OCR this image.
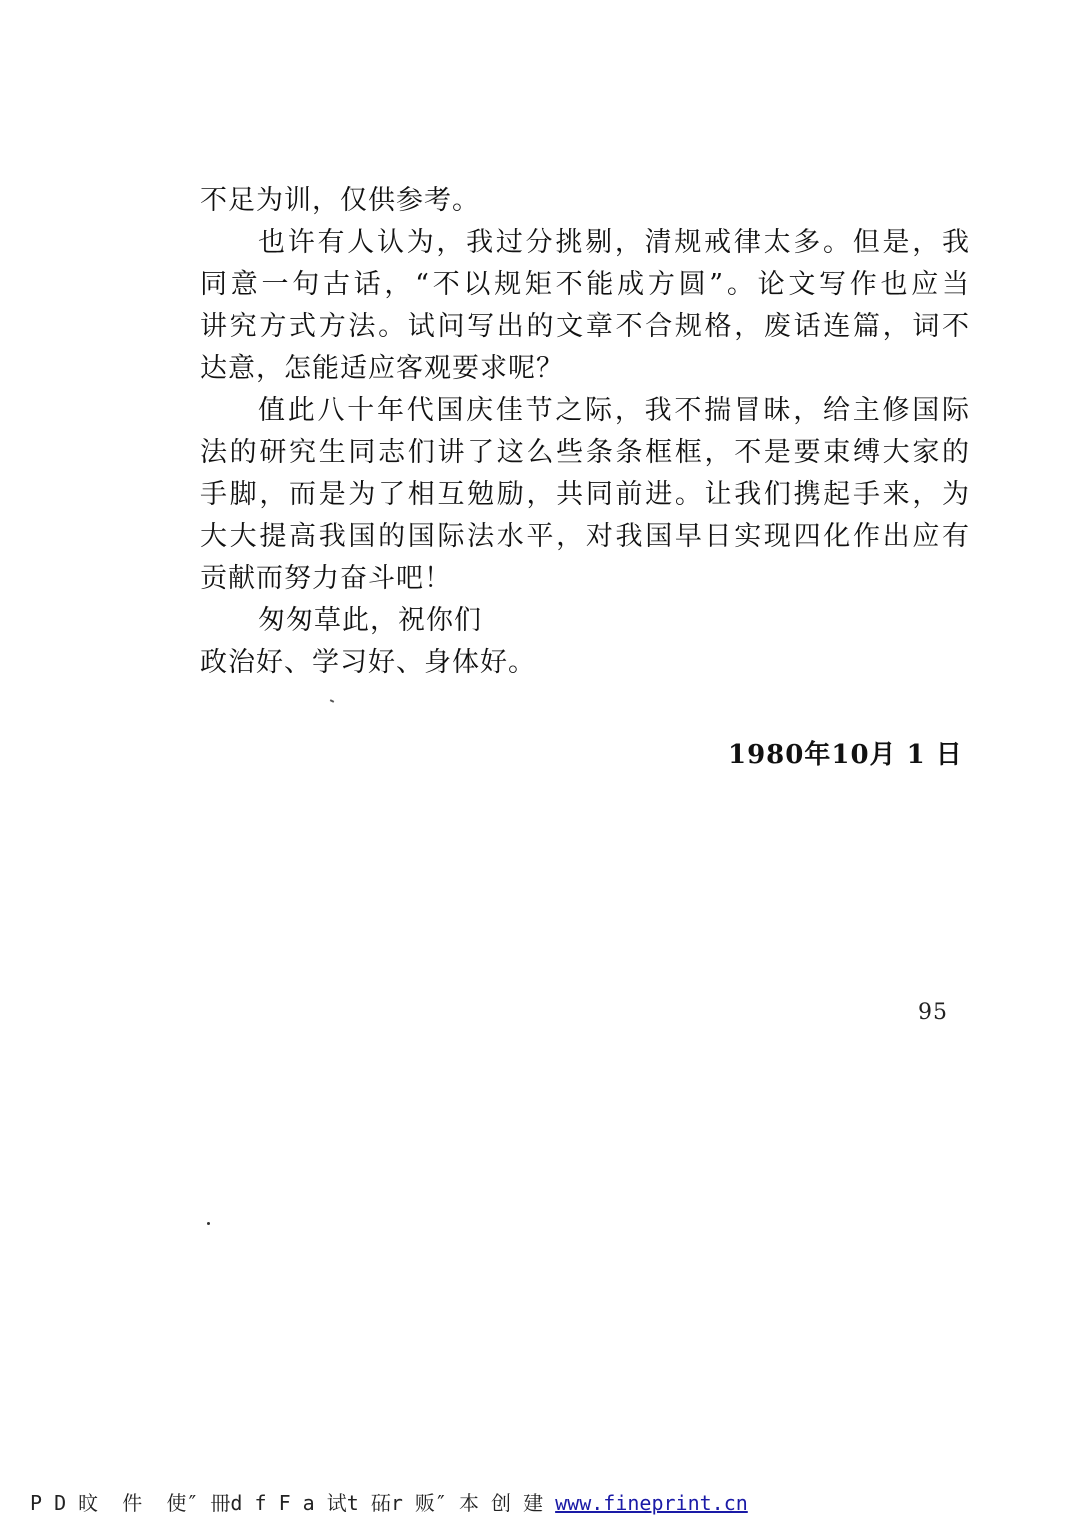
不足为训，仅供参考。
也许有人认为，我过分挑剔，清规戒律太多。但是，我
同意一句古话，“不以规矩不能成方圆”。论文写作也应当
讲究方式方法。试问写出的文章不合规格，废话连篇，词不
达意，怎能适应客观要求呢？
值此八十年代国庆佳节之际，我不揣冒昧，给主修国际
法的研究生同志们讲了这么些条条框框，不是要束缚大家的
手脚，而是为了相互勉励，共同前进。让我们携起手来，为
大大提高我国的国际法水平，对我国早日实现四化作出应有
贡献而努力奋斗吧！
匆匆草此，祝你们
政治好、学习好、身体好。
1980年10月 1 日
95
P D 旼  件  使″ 冊d f F a 试t 砳r 贩″ 本 创 建 www.fineprint.cn
